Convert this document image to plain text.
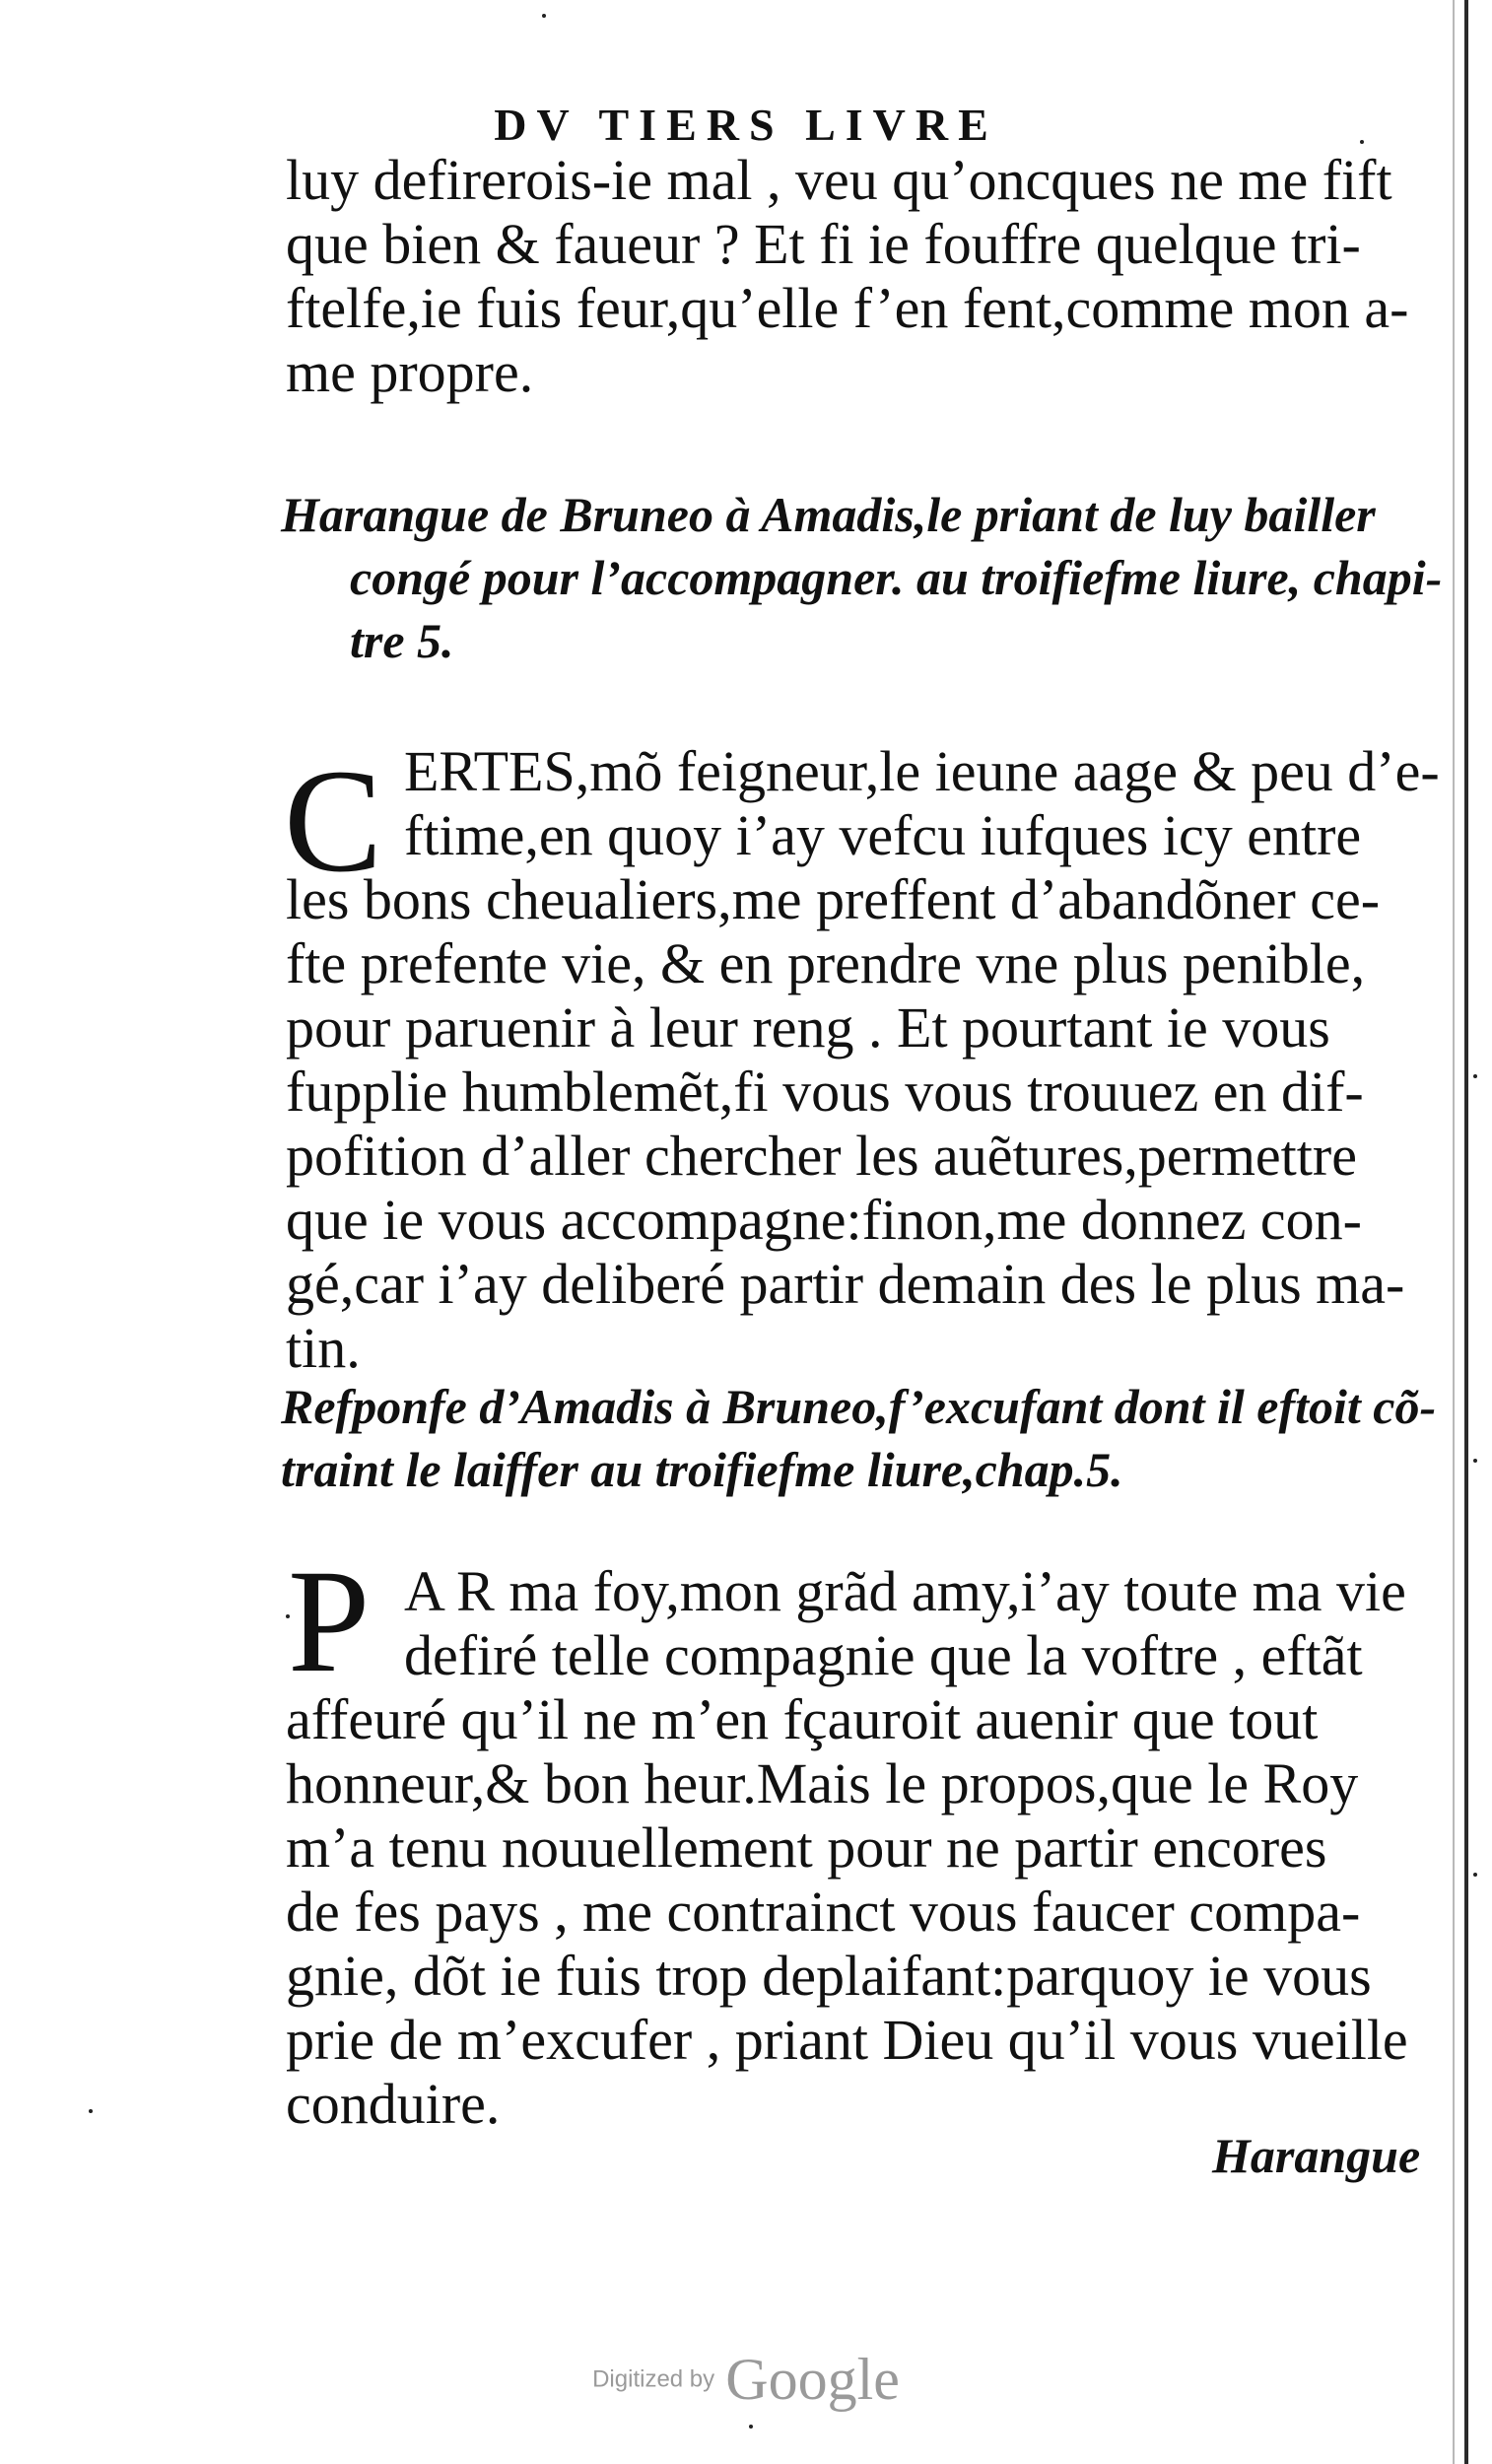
DV TIERS LIVRE
luy defirerois-ie mal , veu qu’oncques ne me fift
que bien & faueur ? Et fi ie fouffre quelque tri-
ftelfe,ie fuis feur,qu’elle f’en fent,comme mon a-
me propre.
Harangue de Bruneo à Amadis,le priant de luy bailler
congé pour l’accompagner. au troifiefme liure, chapi-
tre 5.
C ERTES,mõ feigneur,le ieune aage & peu d’e-
ftime,en quoy i’ay vefcu iufques icy entre
les bons cheualiers,me preffent d’abandõner ce-
fte prefente vie, & en prendre vne plus penible,
pour paruenir à leur reng . Et pourtant ie vous
fupplie humblemẽt,fi vous vous trouuez en dif-
pofition d’aller chercher les auẽtures,permettre
que ie vous accompagne:finon,me donnez con-
gé,car i’ay deliberé partir demain des le plus ma-
tin.
Refponfe d’Amadis à Bruneo,f’excufant dont il eftoit cõ-
traint le laiffer au troifiefme liure,chap.5.
P A R ma foy,mon grãd amy,i’ay toute ma vie
defiré telle compagnie que la voftre , eftãt
affeuré qu’il ne m’en fçauroit auenir que tout
honneur,& bon heur.Mais le propos,que le Roy
m’a tenu nouuellement pour ne partir encores
de fes pays , me contrainct vous faucer compa-
gnie, dõt ie fuis trop deplaifant:parquoy ie vous
prie de m’excufer , priant Dieu qu’il vous vueille
conduire.
Harangue
Digitized by Google
